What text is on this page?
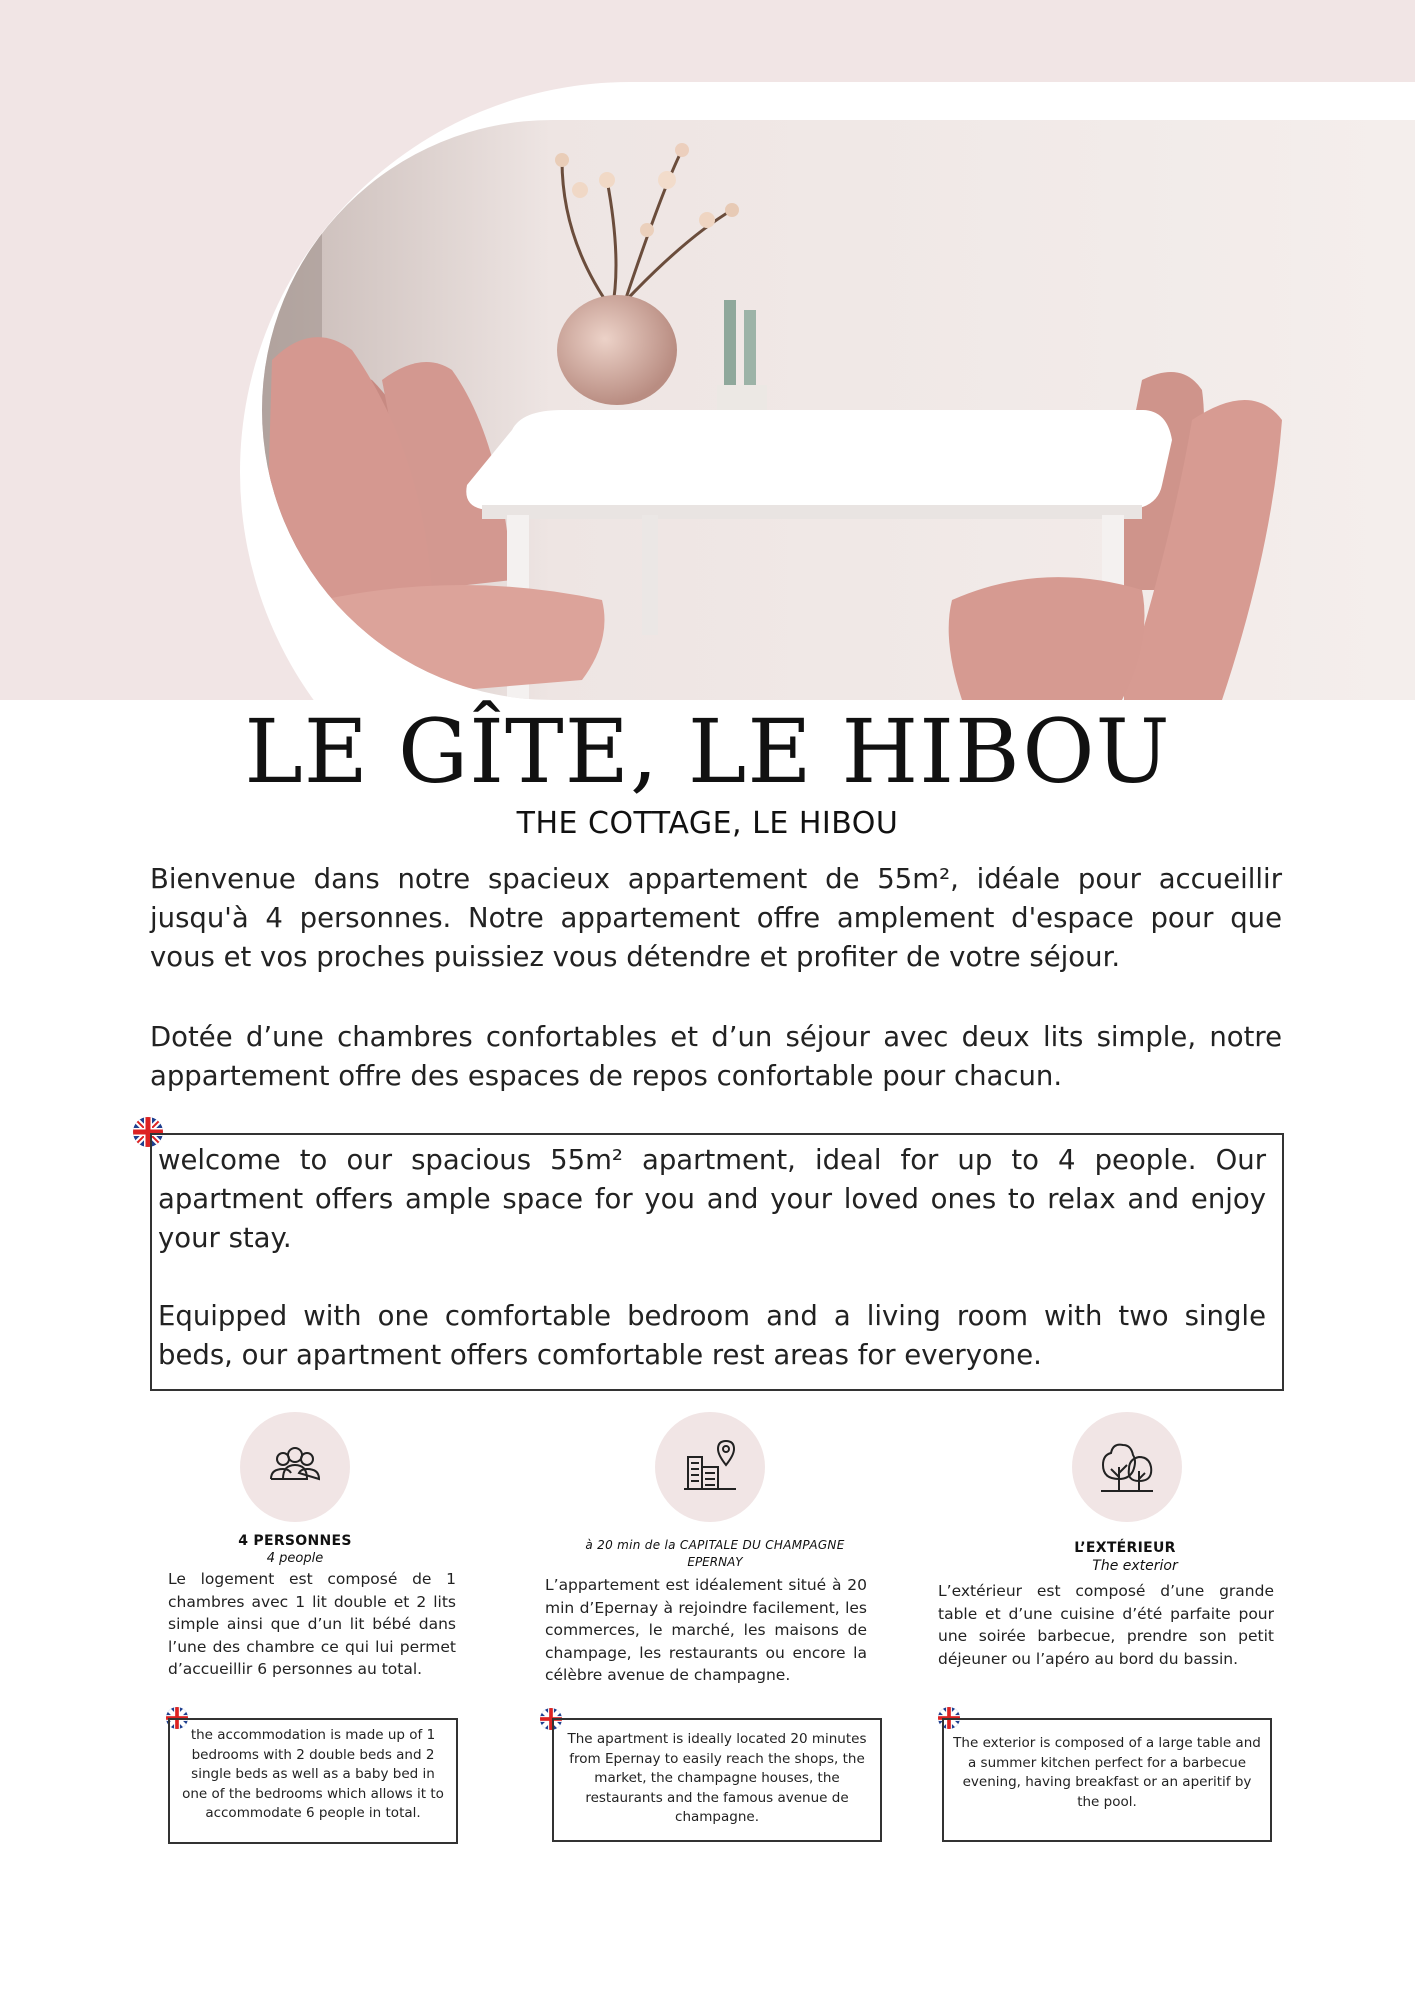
LE GÎTE, LE HIBOU
THE COTTAGE, LE HIBOU

Bienvenue dans notre spacieux appartement de 55m², idéale pour accueillir jusqu'à 4 personnes. Notre appartement offre amplement d'espace pour que vous et vos proches puissiez vous détendre et profiter de votre séjour.

Dotée d’une chambres confortables et d’un séjour avec deux lits simple, notre appartement offre des espaces de repos confortable pour chacun.

welcome to our spacious 55m² apartment, ideal for up to 4 people. Our apartment offers ample space for you and your loved ones to relax and enjoy your stay.

Equipped with one comfortable bedroom and a living room with two single beds, our apartment offers comfortable rest areas for everyone.

4 PERSONNES
4 people

Le logement est composé de 1 chambres avec 1 lit double et 2 lits simple ainsi que d’un lit bébé dans l’une des chambre ce qui lui permet d’accueillir 6 personnes au total.

the accommodation is made up of 1 bedrooms with 2 double beds and 2 single beds as well as a baby bed in one of the bedrooms which allows it to accommodate 6 people in total.

à 20 min de la CAPITALE DU CHAMPAGNE
EPERNAY

L’appartement est idéalement situé à 20 min d’Epernay à rejoindre facilement, les commerces, le marché, les maisons de champage, les restaurants ou encore la célèbre avenue de champagne.

The apartment is ideally located 20 minutes from Epernay to easily reach the shops, the market, the champagne houses, the restaurants and the famous avenue de champagne.

L’EXTÉRIEUR
The exterior

L’extérieur est composé d’une grande table et d’une cuisine d’été parfaite pour une soirée barbecue, prendre son petit déjeuner ou l’apéro au bord du bassin.

The exterior is composed of a large table and a summer kitchen perfect for a barbecue evening, having breakfast or an aperitif by the pool.
